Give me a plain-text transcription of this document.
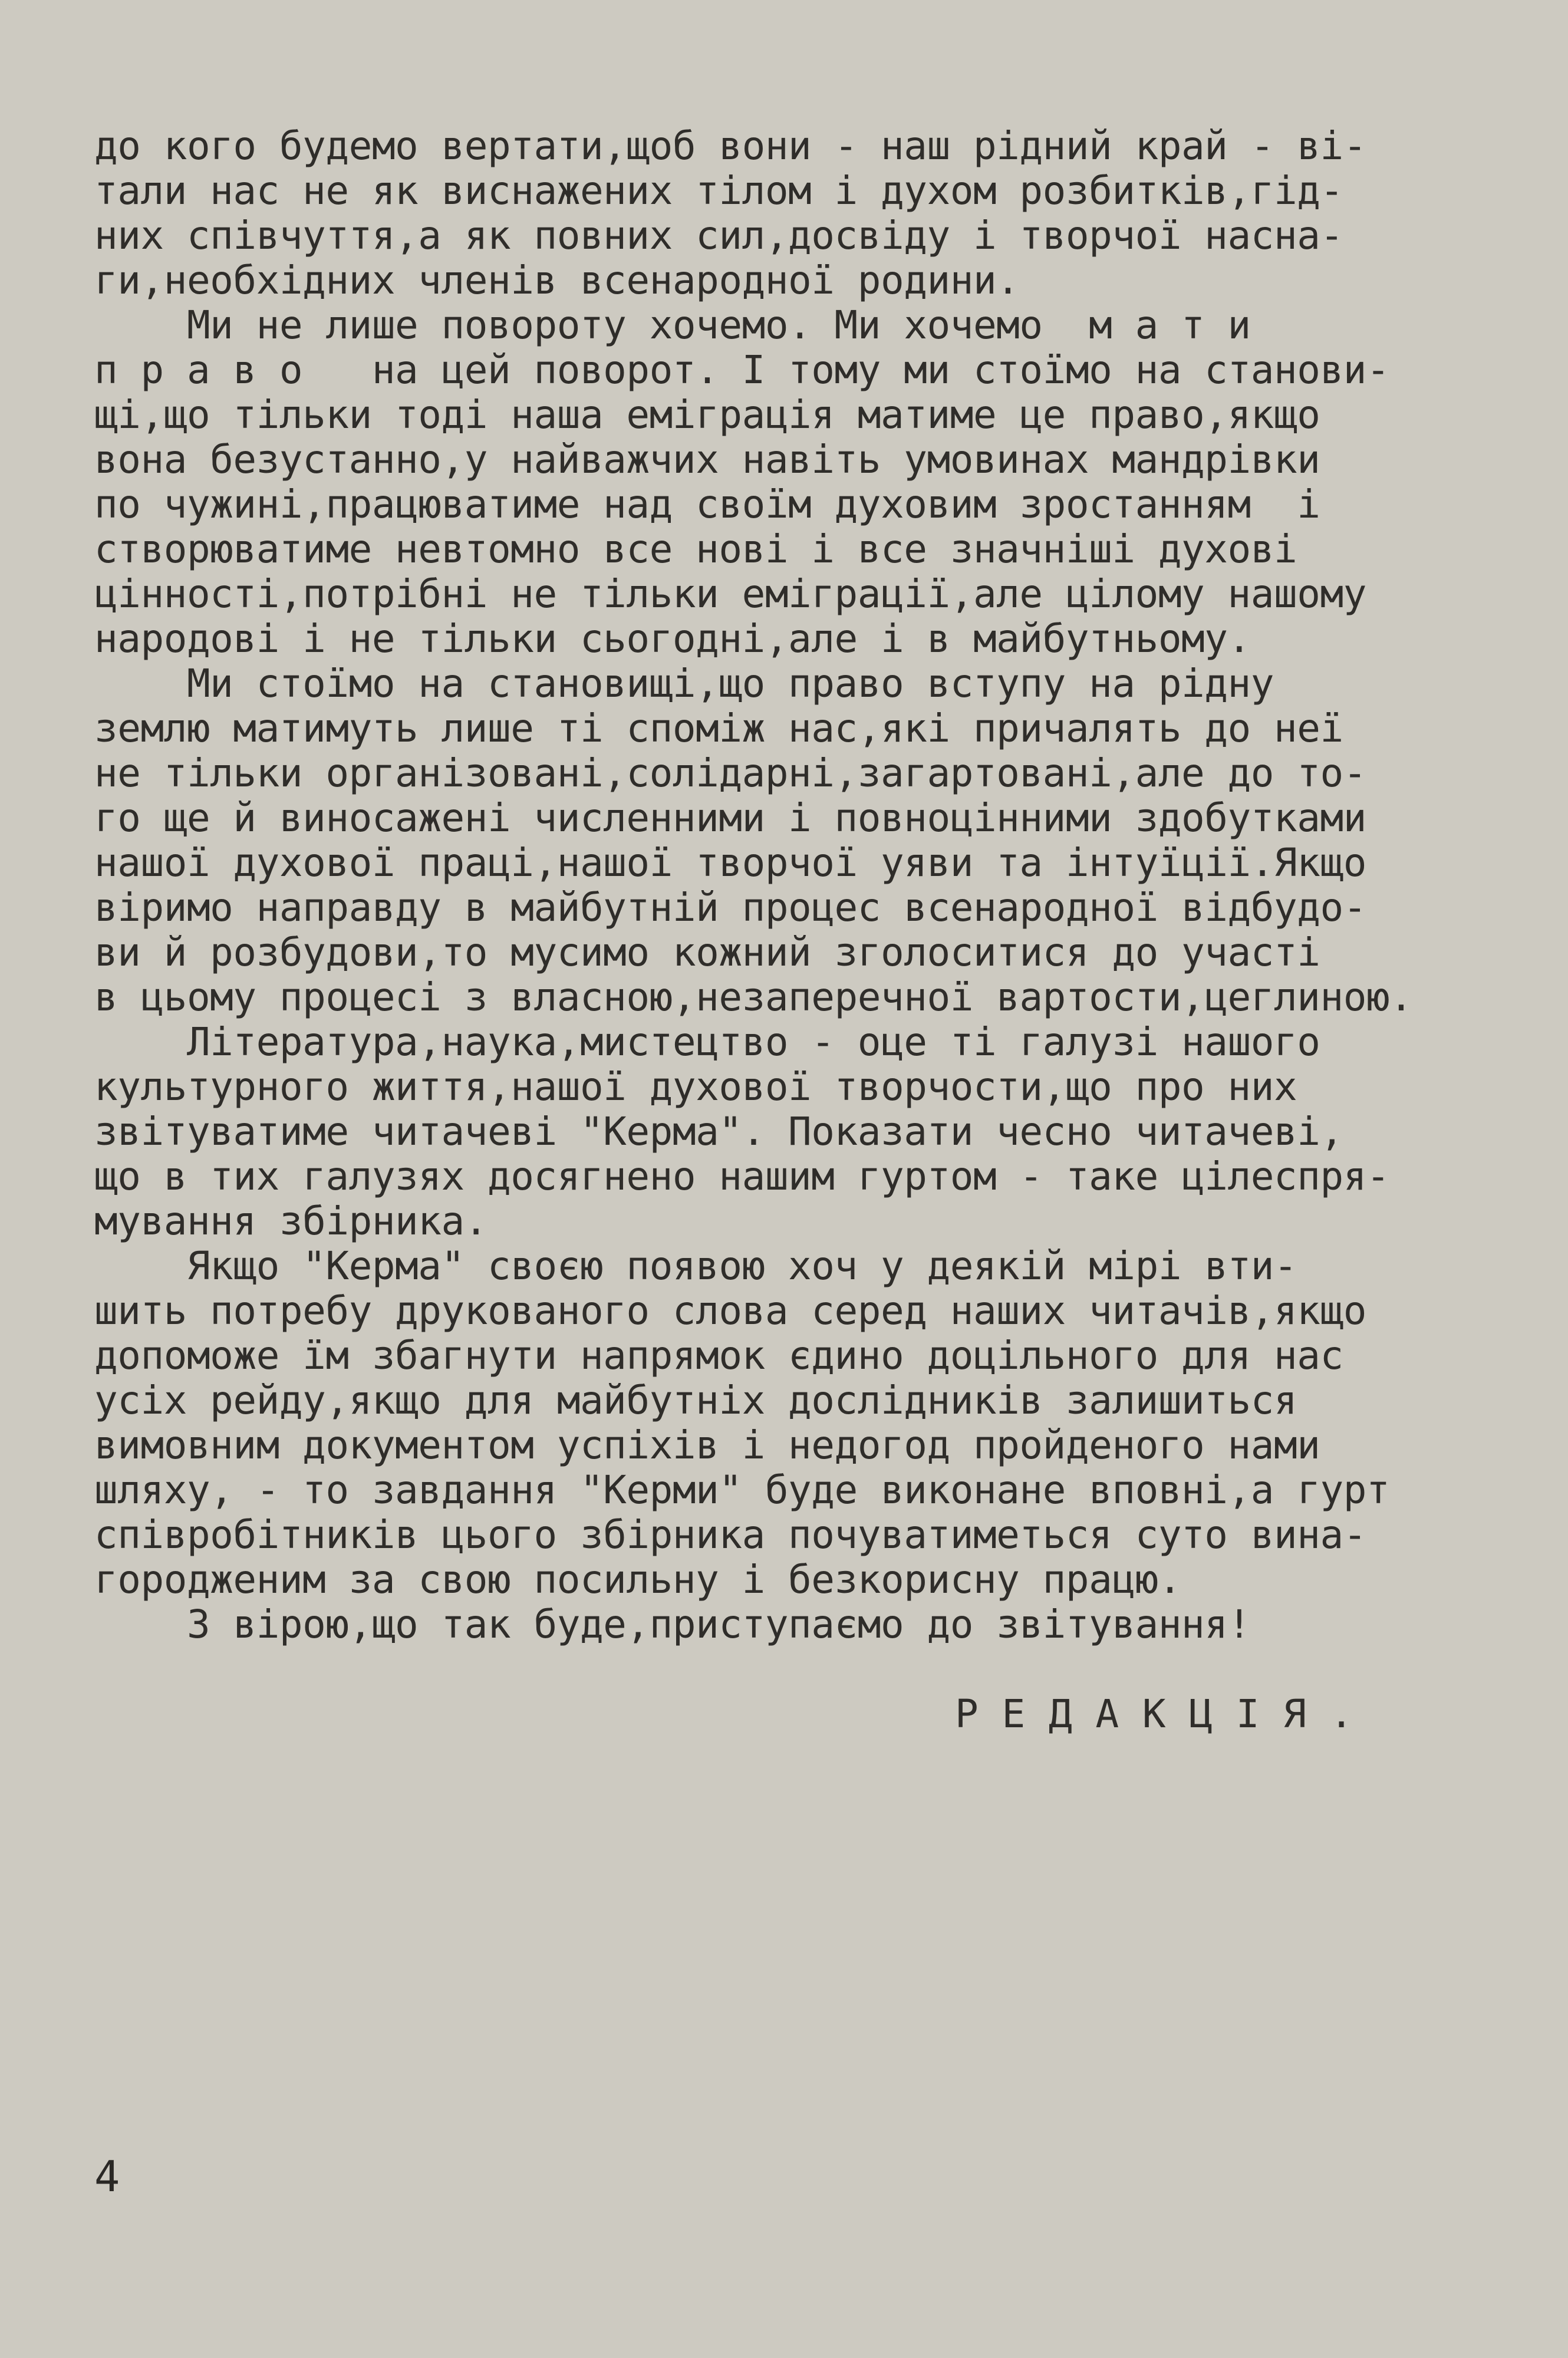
до кого будемо вертати,щоб вони - наш рідний край - ві-
тали нас не як виснажених тілом і духом розбитків,гід-
них співчуття,а як повних сил,досвіду і творчої насна-
ги,необхідних членів всенародної родини.
Ми не лише повороту хочемо. Ми хочемо  м а т и
п р а в о   на цей поворот. І тому ми стоїмо на станови-
щі,що тільки тоді наша еміграція матиме це право,якщо
вона безустанно,у найважчих навіть умовинах мандрівки
по чужині,працюватиме над своїм духовим зростанням  і
створюватиме невтомно все нові і все значніші духові
цінності,потрібні не тільки еміграції,але цілому нашому
народові і не тільки сьогодні,але і в майбутньому.
Ми стоїмо на становищі,що право вступу на рідну
землю матимуть лише ті споміж нас,які причалять до неї
не тільки організовані,солідарні,загартовані,але до то-
го ще й виносажені численними і повноцінними здобутками
нашої духової праці,нашої творчої уяви та інтуїції.Якщо
віримо направду в майбутній процес всенародної відбудо-
ви й розбудови,то мусимо кожний зголоситися до участі
в цьому процесі з власною,незаперечної вартости,цеглиною.
Література,наука,мистецтво - оце ті галузі нашого
культурного життя,нашої духової творчости,що про них
звітуватиме читачеві "Керма". Показати чесно читачеві,
що в тих галузях досягнено нашим гуртом - таке цілеспря-
мування збірника.
Якщо "Керма" своєю появою хоч у деякій мірі вти-
шить потребу друкованого слова серед наших читачів,якщо
допоможе їм збагнути напрямок єдино доцільного для нас
усіх рейду,якщо для майбутніх дослідників залишиться
вимовним документом успіхів і недогод пройденого нами
шляху, - то завдання "Керми" буде виконане вповні,а гурт
співробітників цього збірника почуватиметься суто вина-
городженим за свою посильну і безкорисну працю.
З вірою,що так буде,приступаємо до звітування!
Р Е Д А К Ц І Я .
4
